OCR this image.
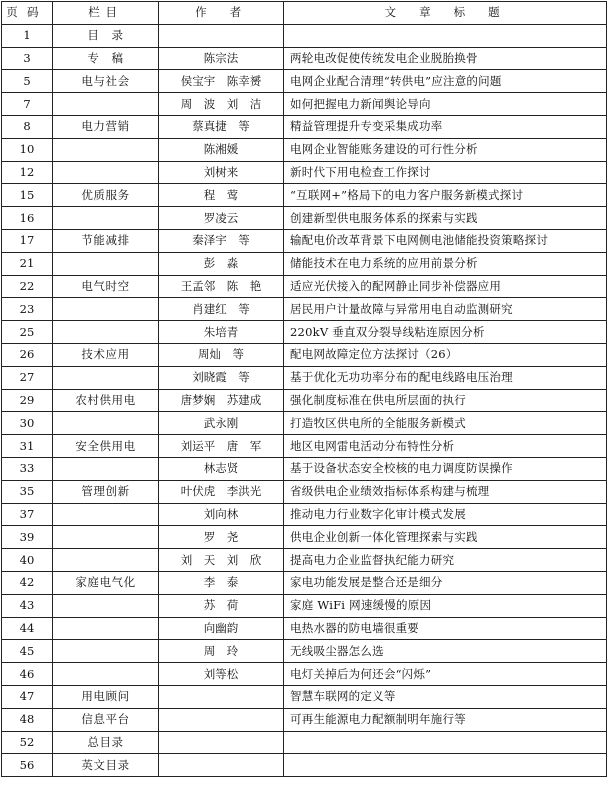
页码	栏目	作　者	文　章　标　题
1	目　录		
3	专　稿	陈宗法	两轮电改促使传统发电企业脱胎换骨
5	电与社会	侯宝宇　陈幸赟	电网企业配合清理“转供电”应注意的问题
7		周　波　刘　洁	如何把握电力新闻舆论导向
8	电力营销	蔡真捷　等	精益管理提升专变采集成功率
10		陈湘媛	电网企业智能账务建设的可行性分析
12		刘树来	新时代下用电检查工作探讨
15	优质服务	程　莺	“互联网+”格局下的电力客户服务新模式探讨
16		罗凌云	创建新型供电服务体系的探索与实践
17	节能减排	秦泽宇　等	输配电价改革背景下电网侧电池储能投资策略探讨
21		彭　淼	储能技术在电力系统的应用前景分析
22	电气时空	王孟邻　陈　艳	适应光伏接入的配网静止同步补偿器应用
23		肖建红　等	居民用户计量故障与异常用电自动监测研究
25		朱培青	220kV 垂直双分裂导线粘连原因分析
26	技术应用	周灿　等	配电网故障定位方法探讨（26）
27		刘晓霞　等	基于优化无功功率分布的配电线路电压治理
29	农村供用电	唐梦娴　苏建成	强化制度标准在供电所层面的执行
30		武永刚	打造牧区供电所的全能服务新模式
31	安全供用电	刘运平　唐　军	地区电网雷电活动分布特性分析
33		林志贤	基于设备状态安全校核的电力调度防误操作
35	管理创新	叶伏虎　李洪光	省级供电企业绩效指标体系构建与梳理
37		刘向林	推动电力行业数字化审计模式发展
39		罗　尧	供电企业创新一体化管理探索与实践
40		刘　天　刘　欣	提高电力企业监督执纪能力研究
42	家庭电气化	李　泰	家电功能发展是整合还是细分
43		苏　荷	家庭 WiFi 网速缓慢的原因
44		向幽韵	电热水器的防电墙很重要
45		周　玲	无线吸尘器怎么选
46		刘等松	电灯关掉后为何还会“闪烁”
47	用电顾问		智慧车联网的定义等
48	信息平台		可再生能源电力配额制明年施行等
52	总目录		
56	英文目录		
